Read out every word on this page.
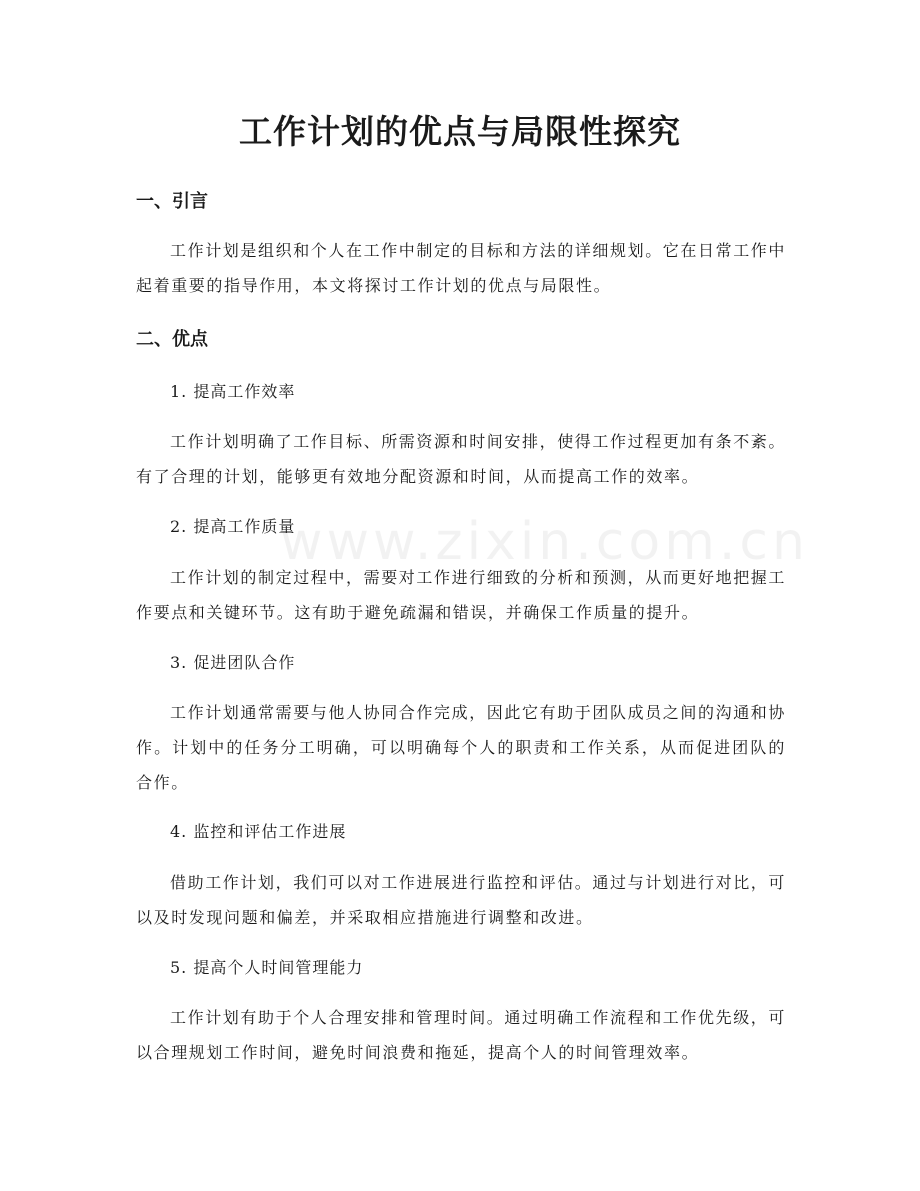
www.zixin.com.cn
工作计划的优点与局限性探究
一、引言
工作计划是组织和个人在工作中制定的目标和方法的详细规划。它在日常工作中起着重要的指导作用，本文将探讨工作计划的优点与局限性。
二、优点
1. 提高工作效率
工作计划明确了工作目标、所需资源和时间安排，使得工作过程更加有条不紊。有了合理的计划，能够更有效地分配资源和时间，从而提高工作的效率。
2. 提高工作质量
工作计划的制定过程中，需要对工作进行细致的分析和预测，从而更好地把握工作要点和关键环节。这有助于避免疏漏和错误，并确保工作质量的提升。
3. 促进团队合作
工作计划通常需要与他人协同合作完成，因此它有助于团队成员之间的沟通和协作。计划中的任务分工明确，可以明确每个人的职责和工作关系，从而促进团队的合作。
4. 监控和评估工作进展
借助工作计划，我们可以对工作进展进行监控和评估。通过与计划进行对比，可以及时发现问题和偏差，并采取相应措施进行调整和改进。
5. 提高个人时间管理能力
工作计划有助于个人合理安排和管理时间。通过明确工作流程和工作优先级，可以合理规划工作时间，避免时间浪费和拖延，提高个人的时间管理效率。
